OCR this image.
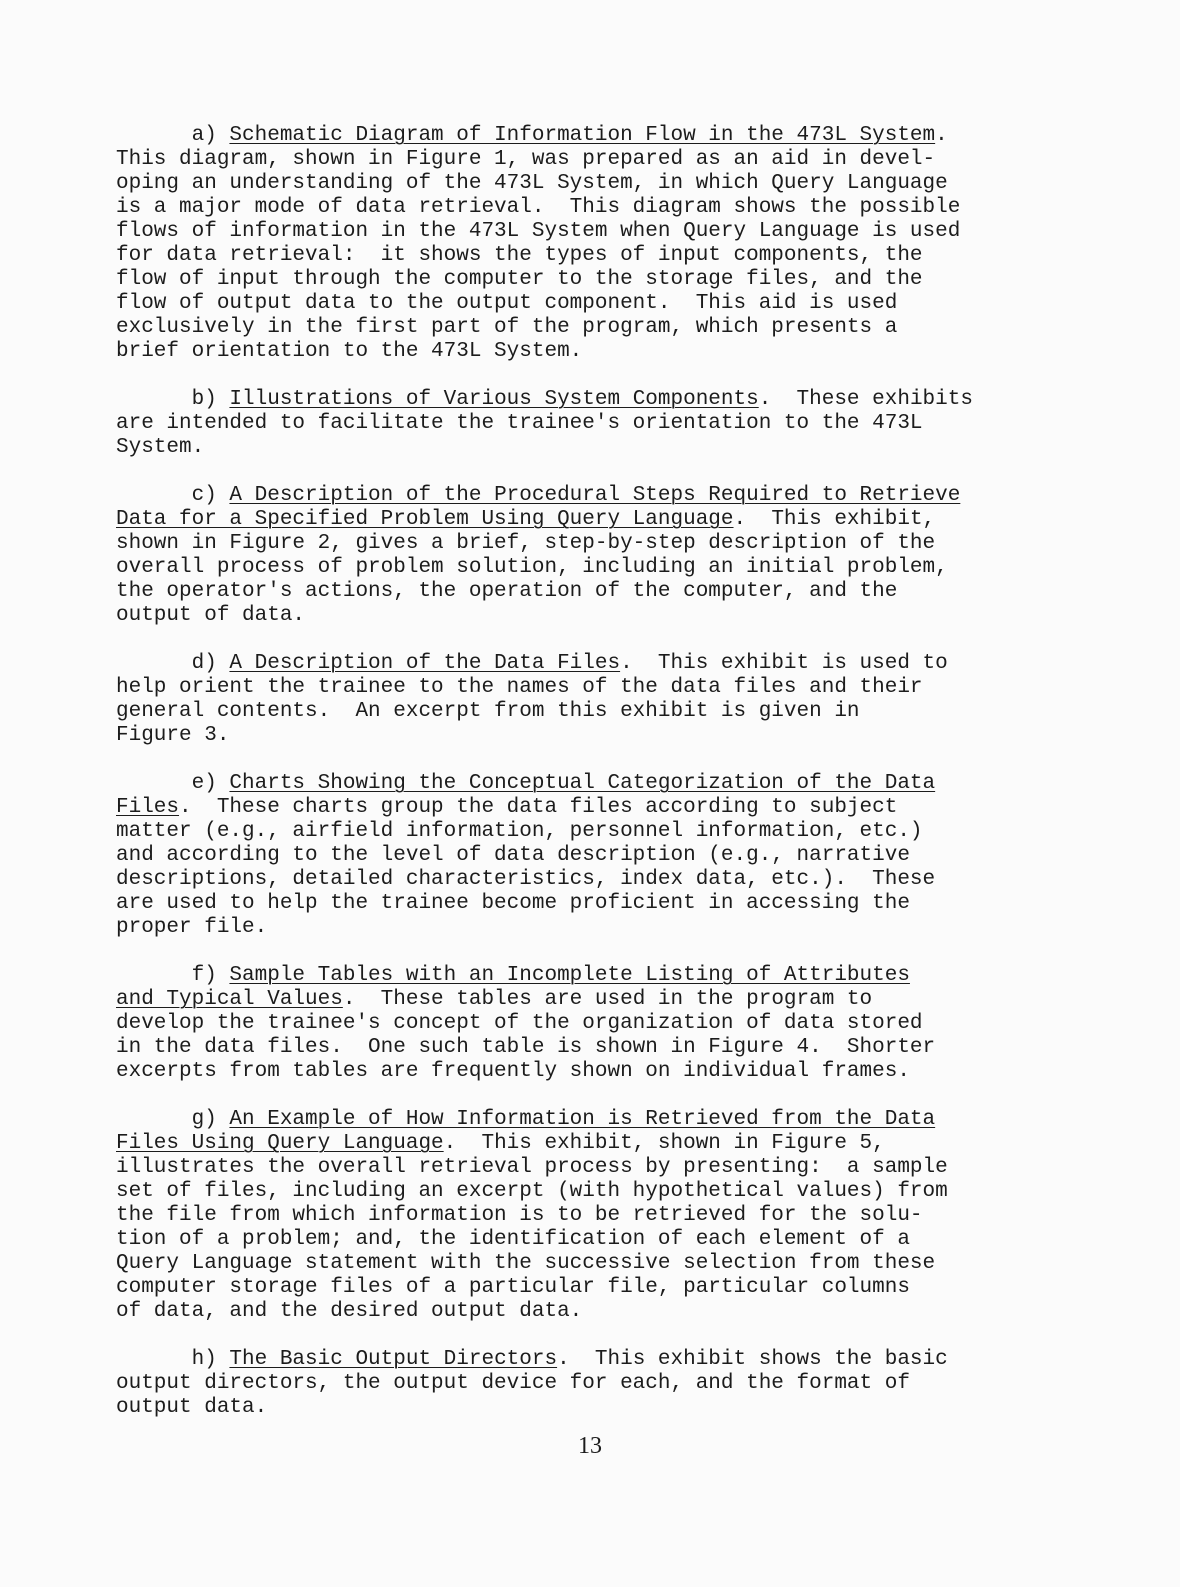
a) Schematic Diagram of Information Flow in the 473L System.
This diagram, shown in Figure 1, was prepared as an aid in devel-
oping an understanding of the 473L System, in which Query Language
is a major mode of data retrieval.  This diagram shows the possible
flows of information in the 473L System when Query Language is used
for data retrieval:  it shows the types of input components, the
flow of input through the computer to the storage files, and the
flow of output data to the output component.  This aid is used
exclusively in the first part of the program, which presents a
brief orientation to the 473L System.
b) Illustrations of Various System Components.  These exhibits
are intended to facilitate the trainee's orientation to the 473L
System.
c) A Description of the Procedural Steps Required to Retrieve
Data for a Specified Problem Using Query Language.  This exhibit,
shown in Figure 2, gives a brief, step-by-step description of the
overall process of problem solution, including an initial problem,
the operator's actions, the operation of the computer, and the
output of data.
d) A Description of the Data Files.  This exhibit is used to
help orient the trainee to the names of the data files and their
general contents.  An excerpt from this exhibit is given in
Figure 3.
e) Charts Showing the Conceptual Categorization of the Data
Files.  These charts group the data files according to subject
matter (e.g., airfield information, personnel information, etc.)
and according to the level of data description (e.g., narrative
descriptions, detailed characteristics, index data, etc.).  These
are used to help the trainee become proficient in accessing the
proper file.
f) Sample Tables with an Incomplete Listing of Attributes
and Typical Values.  These tables are used in the program to
develop the trainee's concept of the organization of data stored
in the data files.  One such table is shown in Figure 4.  Shorter
excerpts from tables are frequently shown on individual frames.
g) An Example of How Information is Retrieved from the Data
Files Using Query Language.  This exhibit, shown in Figure 5,
illustrates the overall retrieval process by presenting:  a sample
set of files, including an excerpt (with hypothetical values) from
the file from which information is to be retrieved for the solu-
tion of a problem; and, the identification of each element of a
Query Language statement with the successive selection from these
computer storage files of a particular file, particular columns
of data, and the desired output data.
h) The Basic Output Directors.  This exhibit shows the basic
output directors, the output device for each, and the format of
output data.
13
